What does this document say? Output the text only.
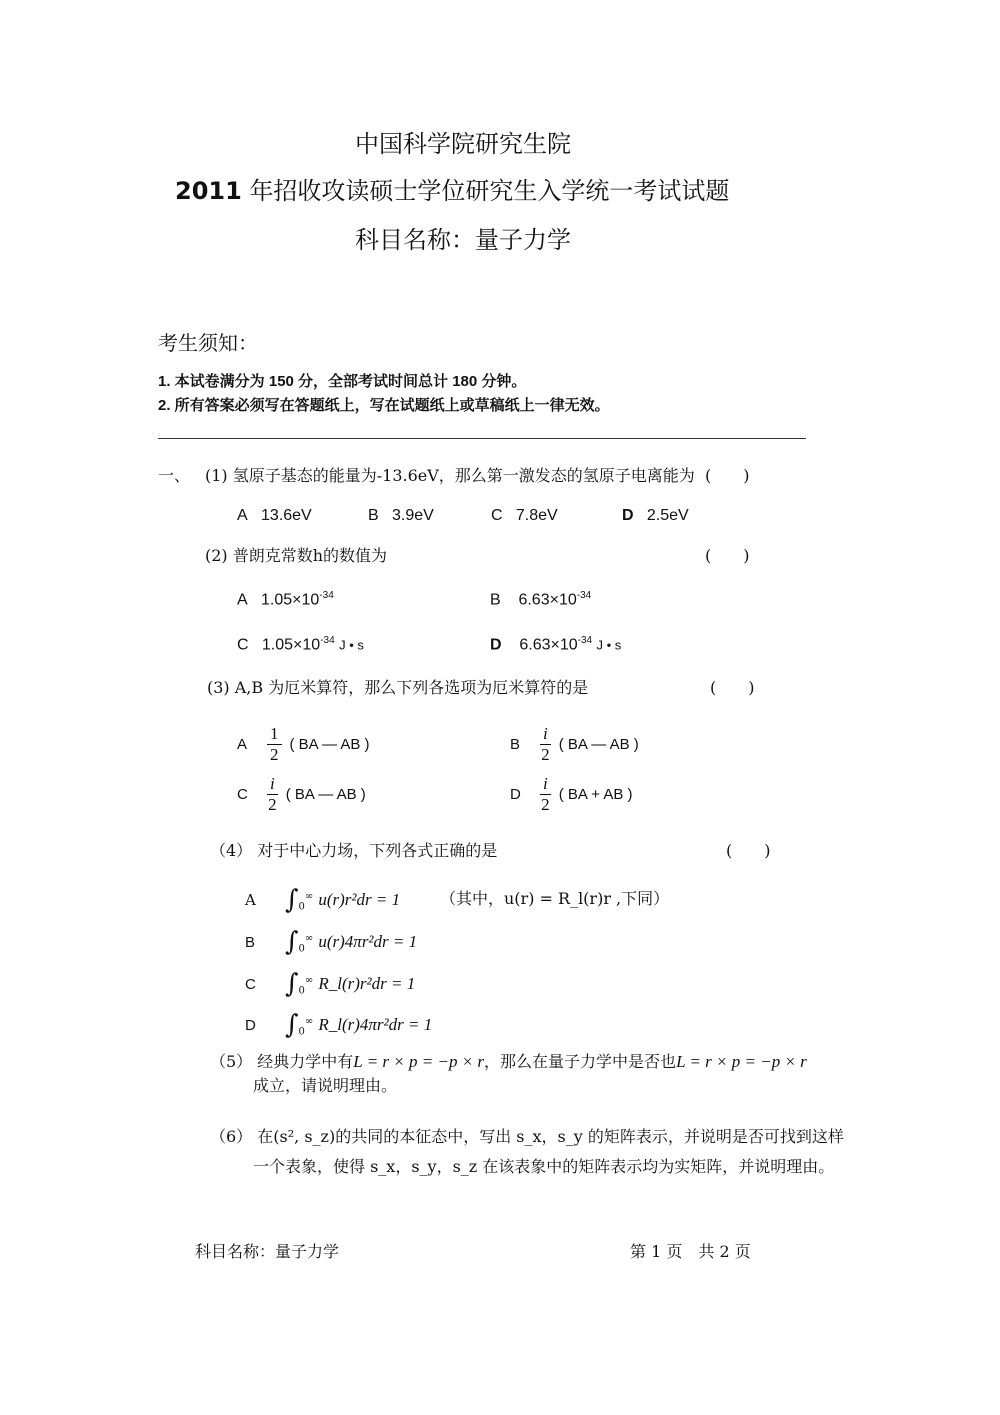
中国科学院研究生院
2011 年招收攻读硕士学位研究生入学统一考试试题
科目名称：量子力学
考生须知：
1. 本试卷满分为 150 分，全部考试时间总计 180 分钟。
2. 所有答案必须写在答题纸上，写在试题纸上或草稿纸上一律无效。
一、 (1) 氢原子基态的能量为-13.6eV，那么第一激发态的氢原子电离能为 (　　)
A 13.6eV	B 3.9eV	C 7.8eV	D 2.5eV
(2) 普朗克常数h的数值为	(　　)
A $1.05\times 10^{-34}$	B $6.63\times 10^{-34}$
C $1.05\times 10^{-34}$ J • s	D $6.63\times 10^{-34}$ J • s
(3) A,B 为厄米算符，那么下列各选项为厄米算符的是	(　　)
A $\frac{1}{2}$ ( BA — AB )	B $\frac{i}{2}$ ( BA — AB )
C $\frac{i}{2}$ ( BA — AB )	D $\frac{i}{2}$ ( BA + AB )
（4） 对于中心力场，下列各式正确的是	(　　)
A $\int_0^\infty$ u(r)r²dr = 1 （其中，u(r) = R_l(r)r ,下同）
B $\int_0^\infty$ u(r)4πr²dr = 1
C $\int_0^\infty$ R_l(r)r²dr = 1
D $\int_0^\infty$ R_l(r)4πr²dr = 1
（5） 经典力学中有L = r × p = −p × r，那么在量子力学中是否也L = r × p = −p × r
成立，请说明理由。
（6） 在(s², s_z)的共同的本征态中，写出 s_x，s_y 的矩阵表示，并说明是否可找到这样
一个表象，使得 s_x，s_y，s_z 在该表象中的矩阵表示均为实矩阵，并说明理由。
科目名称：量子力学	第 1 页　共 2 页
